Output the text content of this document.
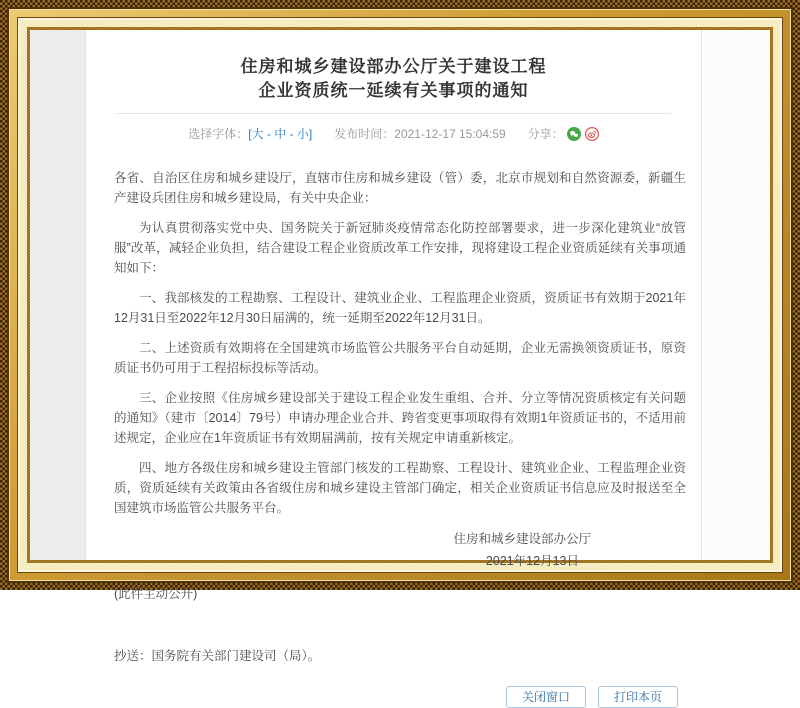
住房和城乡建设部办公厅关于建设工程
企业资质统一延续有关事项的通知
选择字体： [大 - 中 - 小] 发布时间： 2021-12-17 15:04:59 分享：

各省、自治区住房和城乡建设厅，直辖市住房和城乡建设（管）委，北京市规划和自然资源委，新疆生产建设兵团住房和城乡建设局，有关中央企业：

为认真贯彻落实党中央、国务院关于新冠肺炎疫情常态化防控部署要求，进一步深化建筑业“放管服”改革，减轻企业负担，结合建设工程企业资质改革工作安排，现将建设工程企业资质延续有关事项通知如下：

一、我部核发的工程勘察、工程设计、建筑业企业、工程监理企业资质，资质证书有效期于2021年12月31日至2022年12月30日届满的，统一延期至2022年12月31日。

二、上述资质有效期将在全国建筑市场监管公共服务平台自动延期，企业无需换领资质证书，原资质证书仍可用于工程招标投标等活动。

三、企业按照《住房城乡建设部关于建设工程企业发生重组、合并、分立等情况资质核定有关问题的通知》（建市〔2014〕79号）申请办理企业合并、跨省变更事项取得有效期1年资质证书的，不适用前述规定，企业应在1年资质证书有效期届满前，按有关规定申请重新核定。

四、地方各级住房和城乡建设主管部门核发的工程勘察、工程设计、建筑业企业、工程监理企业资质，资质延续有关政策由各省级住房和城乡建设主管部门确定，相关企业资质证书信息应及时报送至全国建筑市场监管公共服务平台。

住房和城乡建设部办公厅
2021年12月13日
(此件主动公开)
抄送：国务院有关部门建设司（局）。
关闭窗口	打印本页
